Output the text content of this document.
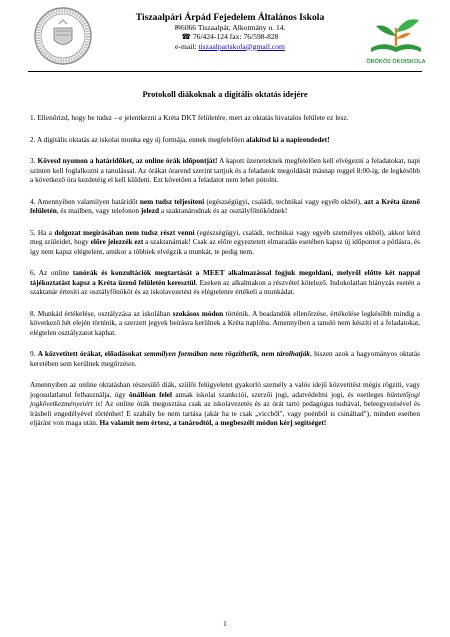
Tiszaalpári Árpád Fejedelem Általános Iskola
✉6066 Tiszaalpár, Alkotmány u. 14.
☎ 76/424-124 fax: 76/598-828
e-mail: tiszaalpariskola@gmail.com
ÖRÖKÖS ÖKOISKOLA
Protokoll diákoknak a digitális oktatás idejére

1. Ellenőrizd, hogy be tudsz – e jelentkezni a Kréta DKT felületére, mert az oktatás hivatalos felülete ez lesz.

2. A digitális oktatás az iskolai munka egy új formája, ennek megfelelően alakítsd ki a napirendedet!

3. Kövesd nyomon a határidőket, az online órák időpontját! A kapott üzeneteknek megfelelően kell elvégezni a feladatokat, napi szinten kell foglalkozni a tanulással. Az órákat órarend szerint tartjuk és a feladatok megoldását másnap reggel 8:00-ig, de legkésőbb a következő óra kezdetéig el kell küldeni. Ezt követően a feladatot nem lehet pótolni.

4. Amennyiben valamilyen határidőt nem tudsz teljesíteni (egészségügyi, családi, technikai vagy egyéb okból), azt a Kréta üzenő felületén, és mailben, vagy telefonon jelezd a szaktanárodnak és az osztályfőnöködnek!

5. Ha a dolgozat megírásában nem tudsz részt venni (egészségügyi, családi, technikai vagy egyéb személyes okból), akkor kérd meg szüleidet, hogy előre jelezzék ezt a szaktanárnak! Csak az előre egyeztetett elmaradás esetében kapsz új időpontot a pótlásra, és így nem kapsz elégtelent, amikor a többiek elvégzik a munkát, te pedig nem.

6. Az online tanórák és konzultációk megtartását a MEET alkalmazással fogjuk megoldani, melyről előtte két nappal tájékoztatást kapsz a Kréta üzenő felületén keresztül. Ezeken az alkalmakon a részvétel kötelező. Indokolatlan hiányzás esetén a szaktanár értesíti az osztályfőnököt és az iskolavezetést és elégtelenre értékeli a munkádat.

8. Munkád értékelése, osztályzása az iskolában szokásos módon történik. A beadandók ellenőrzése, értékelése legkésőbb mindig a következő hét elején történik, a szerzett jegyek beírásra kerülnek a Kréta naplóba. Amennyiben a tanuló nem készíti el a feladatokat, elégtelen osztályzatot kaphat.

9. A közvetített órákat, előadásokat semmilyen formában nem rögzíthetik, nem tárolhatják, hiszen azok a hagyományos oktatás keretében sem kerülnek megőrzésre.

Amennyiben az online oktatásban részesülő diák, szülői felügyeletet gyakorló személy a valós idejű közvetítést mégis rögzíti, vagy jogosulatlanul felhasználja, úgy önállóan felel annak iskolai szankciói, szerzői jogi, adatvédelmi jogi, és esetleges büntetőjogi jogkövetkezményeiért is! Az online órák megosztása csak az iskolavezetés és az órát tartó pedagógus tudtával, beleegyezésével és írásbeli engedélyével történhet! E szabály be nem tartása (akár ha te csak „viccből", vagy poénból is csináltad"), minden esetben eljárást von maga után. Ha valamit nem értesz, a tanárodtól, a megbeszélt módon kérj segítséget!

1
